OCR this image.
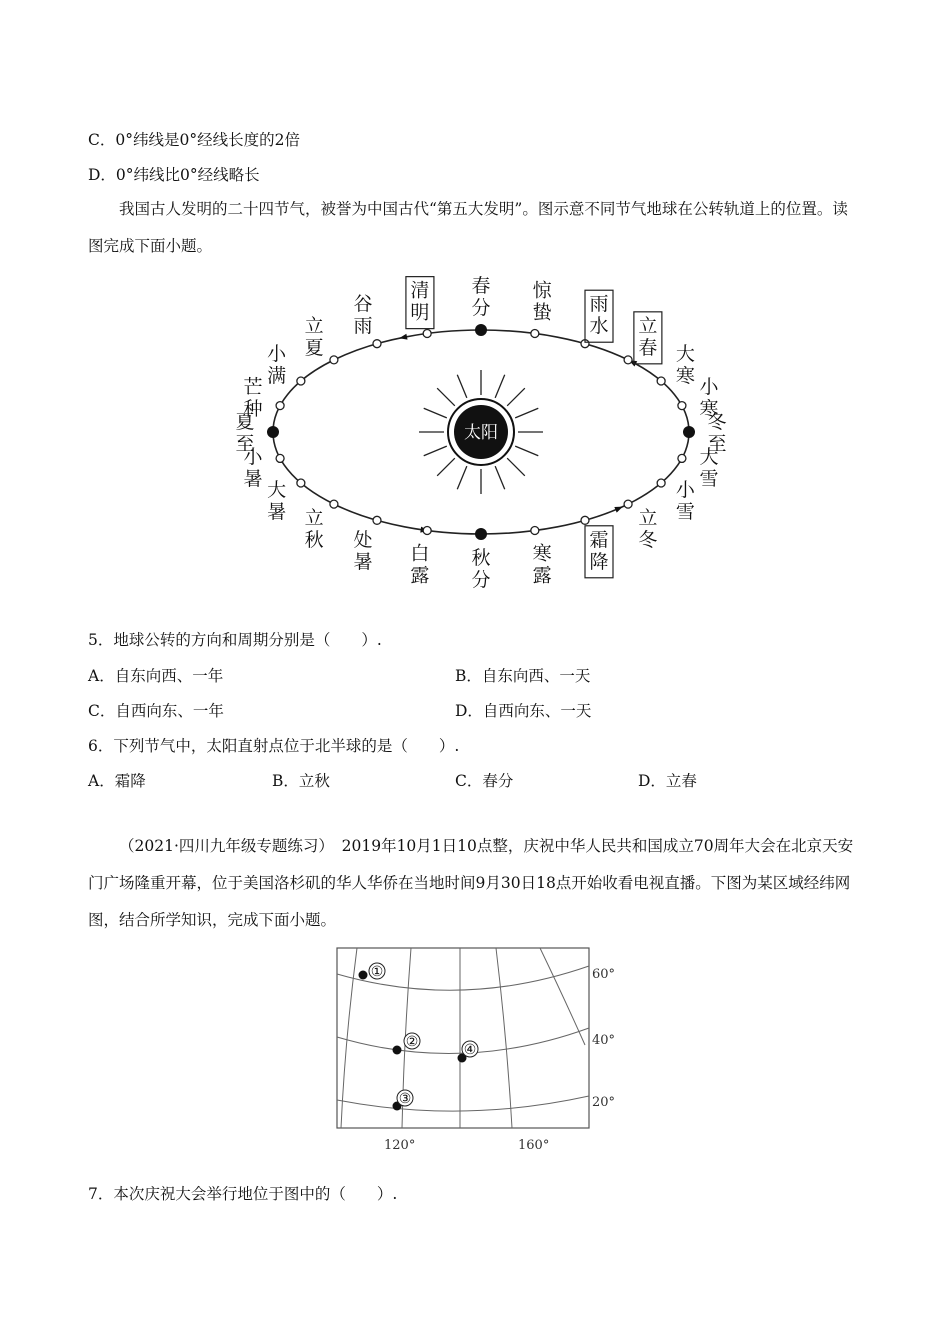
C．0°纬线是0°经线长度的2倍
D．0°纬线比0°经线略长
我国古人发明的二十四节气，被誉为中国古代“第五大发明”。图示意不同节气地球在公转轨道上的位置。读图完成下面小题。
太阳	冬
至
小
寒
大
寒
立
春
雨
水
惊
蛰
春
分
清
明
谷
雨
立
夏
小
满
芒
种
夏
至
小
暑 大
暑 立
秋 处
暑 白
露
秋
分
寒
露
霜
降
立
冬
小
雪
大
雪
5．地球公转的方向和周期分别是（　　）.
A．自东向西、一年	B．自东向西、一天
C．自西向东、一年	D．自西向东、一天
6．下列节气中，太阳直射点位于北半球的是（　　）.
A．霜降	B．立秋	C．春分	D．立春
（2021·四川九年级专题练习）　2019年10月1日10点整，庆祝中华人民共和国成立70周年大会在北京天安门广场隆重开幕，位于美国洛杉矶的华人华侨在当地时间9月30日18点开始收看电视直播。下图为某区域经纬网图，结合所学知识，完成下面小题。
①
②
③
④
60°
40°
20°
120°	160°
7．本次庆祝大会举行地位于图中的（　　）.
